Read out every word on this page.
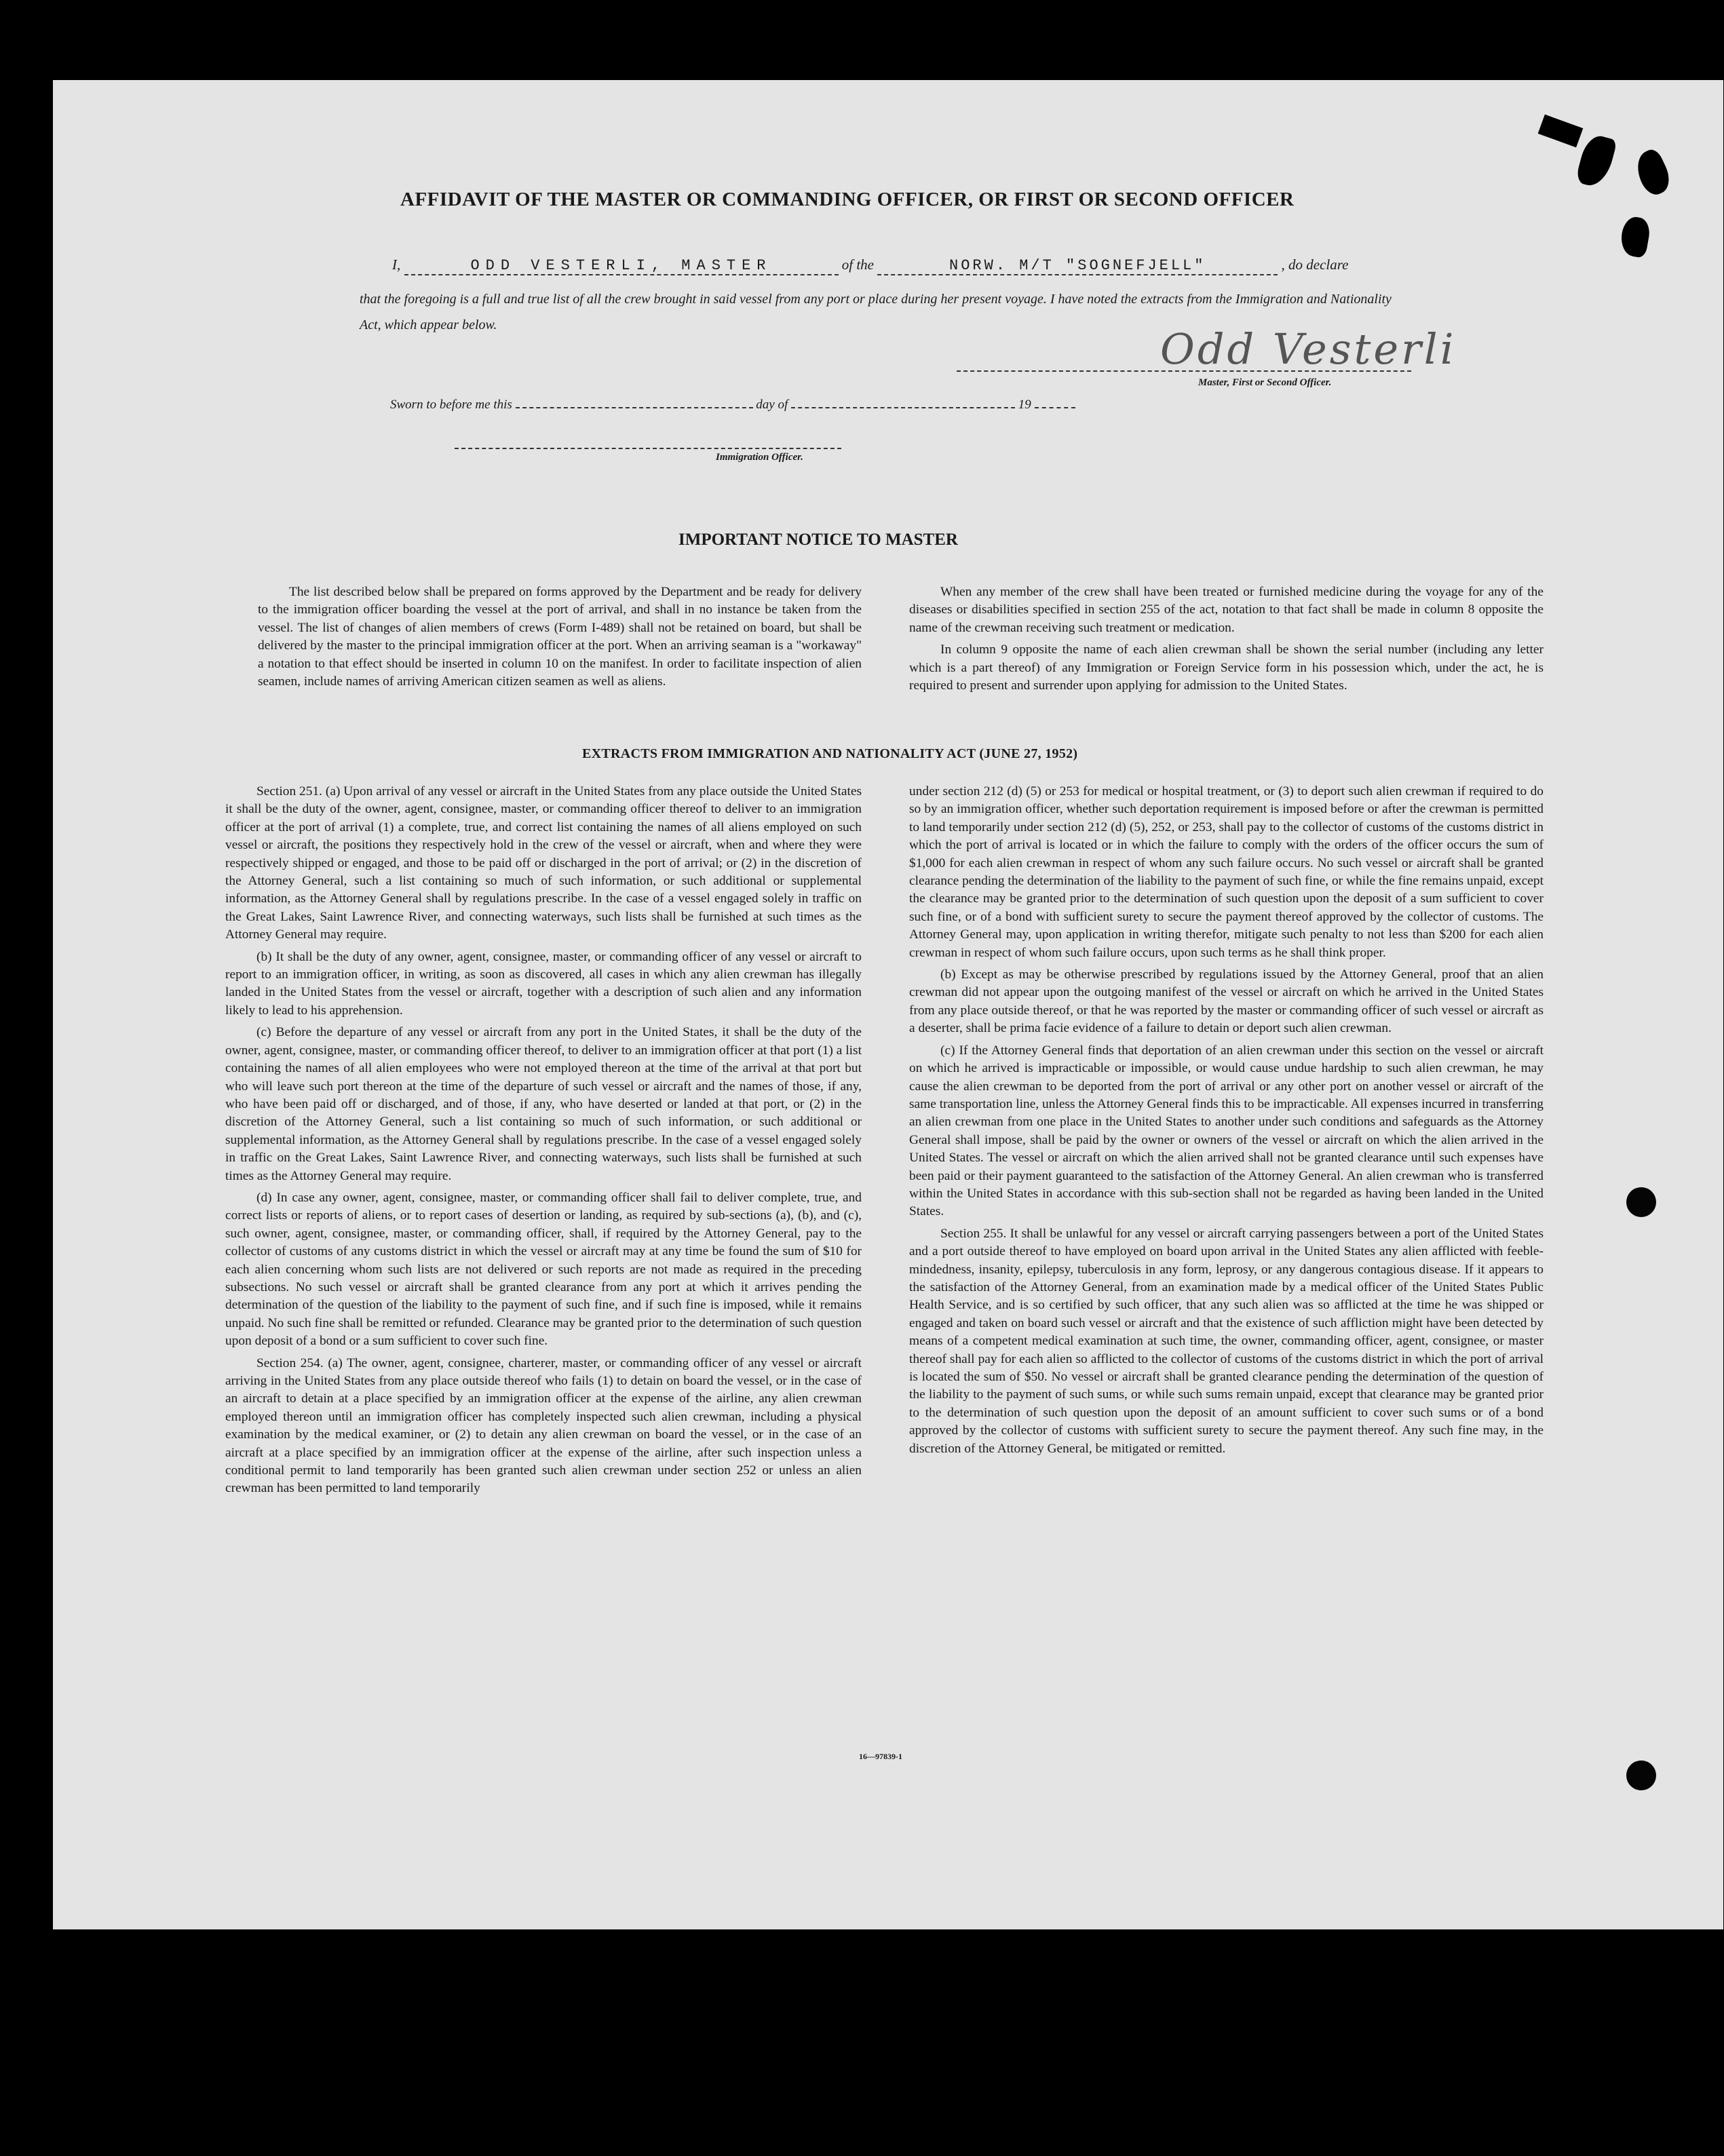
AFFIDAVIT OF THE MASTER OR COMMANDING OFFICER, OR FIRST OR SECOND OFFICER
I,	ODD VESTERLI, MASTER	of the	NORW. M/T "SOGNEFJELL"	, do declare
that the foregoing is a full and true list of all the crew brought in said vessel from any port or place during her present voyage. I have noted the extracts from the Immigration and Nationality Act, which appear below.	Odd Vesterli
Master, First or Second Officer.
Sworn to before me this	day of	19
Immigration Officer.
IMPORTANT NOTICE TO MASTER

The list described below shall be prepared on forms approved by the Department and be ready for delivery to the immigration officer boarding the vessel at the port of arrival, and shall in no instance be taken from the vessel. The list of changes of alien members of crews (Form I-489) shall not be retained on board, but shall be delivered by the master to the principal immigration officer at the port. When an arriving seaman is a "workaway" a notation to that effect should be inserted in column 10 on the manifest. In order to facilitate inspection of alien seamen, include names of arriving American citizen seamen as well as aliens.

When any member of the crew shall have been treated or furnished medicine during the voyage for any of the diseases or disabilities specified in section 255 of the act, notation to that fact shall be made in column 8 opposite the name of the crewman receiving such treatment or medication.

In column 9 opposite the name of each alien crewman shall be shown the serial number (including any letter which is a part thereof) of any Immigration or Foreign Service form in his possession which, under the act, he is required to present and surrender upon applying for admission to the United States.

EXTRACTS FROM IMMIGRATION AND NATIONALITY ACT (JUNE 27, 1952)

Section 251. (a) Upon arrival of any vessel or aircraft in the United States from any place outside the United States it shall be the duty of the owner, agent, consignee, master, or commanding officer thereof to deliver to an immigration officer at the port of arrival (1) a complete, true, and correct list containing the names of all aliens employed on such vessel or aircraft, the positions they respectively hold in the crew of the vessel or aircraft, when and where they were respectively shipped or engaged, and those to be paid off or discharged in the port of arrival; or (2) in the discretion of the Attorney General, such a list containing so much of such information, or such additional or supplemental information, as the Attorney General shall by regulations prescribe. In the case of a vessel engaged solely in traffic on the Great Lakes, Saint Lawrence River, and connecting waterways, such lists shall be furnished at such times as the Attorney General may require.

(b) It shall be the duty of any owner, agent, consignee, master, or commanding officer of any vessel or aircraft to report to an immigration officer, in writing, as soon as discovered, all cases in which any alien crewman has illegally landed in the United States from the vessel or aircraft, together with a description of such alien and any information likely to lead to his apprehension.

(c) Before the departure of any vessel or aircraft from any port in the United States, it shall be the duty of the owner, agent, consignee, master, or commanding officer thereof, to deliver to an immigration officer at that port (1) a list containing the names of all alien employees who were not employed thereon at the time of the arrival at that port but who will leave such port thereon at the time of the departure of such vessel or aircraft and the names of those, if any, who have been paid off or discharged, and of those, if any, who have deserted or landed at that port, or (2) in the discretion of the Attorney General, such a list containing so much of such information, or such additional or supplemental information, as the Attorney General shall by regulations prescribe. In the case of a vessel engaged solely in traffic on the Great Lakes, Saint Lawrence River, and connecting waterways, such lists shall be furnished at such times as the Attorney General may require.

(d) In case any owner, agent, consignee, master, or commanding officer shall fail to deliver complete, true, and correct lists or reports of aliens, or to report cases of desertion or landing, as required by sub-sections (a), (b), and (c), such owner, agent, consignee, master, or commanding officer, shall, if required by the Attorney General, pay to the collector of customs of any customs district in which the vessel or aircraft may at any time be found the sum of $10 for each alien concerning whom such lists are not delivered or such reports are not made as required in the preceding subsections. No such vessel or aircraft shall be granted clearance from any port at which it arrives pending the determination of the question of the liability to the payment of such fine, and if such fine is imposed, while it remains unpaid. No such fine shall be remitted or refunded. Clearance may be granted prior to the determination of such question upon deposit of a bond or a sum sufficient to cover such fine.

Section 254. (a) The owner, agent, consignee, charterer, master, or commanding officer of any vessel or aircraft arriving in the United States from any place outside thereof who fails (1) to detain on board the vessel, or in the case of an aircraft to detain at a place specified by an immigration officer at the expense of the airline, any alien crewman employed thereon until an immigration officer has completely inspected such alien crewman, including a physical examination by the medical examiner, or (2) to detain any alien crewman on board the vessel, or in the case of an aircraft at a place specified by an immigration officer at the expense of the airline, after such inspection unless a conditional permit to land temporarily has been granted such alien crewman under section 252 or unless an alien crewman has been permitted to land temporarily

under section 212 (d) (5) or 253 for medical or hospital treatment, or (3) to deport such alien crewman if required to do so by an immigration officer, whether such deportation requirement is imposed before or after the crewman is permitted to land temporarily under section 212 (d) (5), 252, or 253, shall pay to the collector of customs of the customs district in which the port of arrival is located or in which the failure to comply with the orders of the officer occurs the sum of $1,000 for each alien crewman in respect of whom any such failure occurs. No such vessel or aircraft shall be granted clearance pending the determination of the liability to the payment of such fine, or while the fine remains unpaid, except the clearance may be granted prior to the determination of such question upon the deposit of a sum sufficient to cover such fine, or of a bond with sufficient surety to secure the payment thereof approved by the collector of customs. The Attorney General may, upon application in writing therefor, mitigate such penalty to not less than $200 for each alien crewman in respect of whom such failure occurs, upon such terms as he shall think proper.

(b) Except as may be otherwise prescribed by regulations issued by the Attorney General, proof that an alien crewman did not appear upon the outgoing manifest of the vessel or aircraft on which he arrived in the United States from any place outside thereof, or that he was reported by the master or commanding officer of such vessel or aircraft as a deserter, shall be prima facie evidence of a failure to detain or deport such alien crewman.

(c) If the Attorney General finds that deportation of an alien crewman under this section on the vessel or aircraft on which he arrived is impracticable or impossible, or would cause undue hardship to such alien crewman, he may cause the alien crewman to be deported from the port of arrival or any other port on another vessel or aircraft of the same transportation line, unless the Attorney General finds this to be impracticable. All expenses incurred in transferring an alien crewman from one place in the United States to another under such conditions and safeguards as the Attorney General shall impose, shall be paid by the owner or owners of the vessel or aircraft on which the alien arrived in the United States. The vessel or aircraft on which the alien arrived shall not be granted clearance until such expenses have been paid or their payment guaranteed to the satisfaction of the Attorney General. An alien crewman who is transferred within the United States in accordance with this sub-section shall not be regarded as having been landed in the United States.

Section 255. It shall be unlawful for any vessel or aircraft carrying passengers between a port of the United States and a port outside thereof to have employed on board upon arrival in the United States any alien afflicted with feeble-mindedness, insanity, epilepsy, tuberculosis in any form, leprosy, or any dangerous contagious disease. If it appears to the satisfaction of the Attorney General, from an examination made by a medical officer of the United States Public Health Service, and is so certified by such officer, that any such alien was so afflicted at the time he was shipped or engaged and taken on board such vessel or aircraft and that the existence of such affliction might have been detected by means of a competent medical examination at such time, the owner, commanding officer, agent, consignee, or master thereof shall pay for each alien so afflicted to the collector of customs of the customs district in which the port of arrival is located the sum of $50. No vessel or aircraft shall be granted clearance pending the determination of the question of the liability to the payment of such sums, or while such sums remain unpaid, except that clearance may be granted prior to the determination of such question upon the deposit of an amount sufficient to cover such sums or of a bond approved by the collector of customs with sufficient surety to secure the payment thereof. Any such fine may, in the discretion of the Attorney General, be mitigated or remitted.

16—97839-1
